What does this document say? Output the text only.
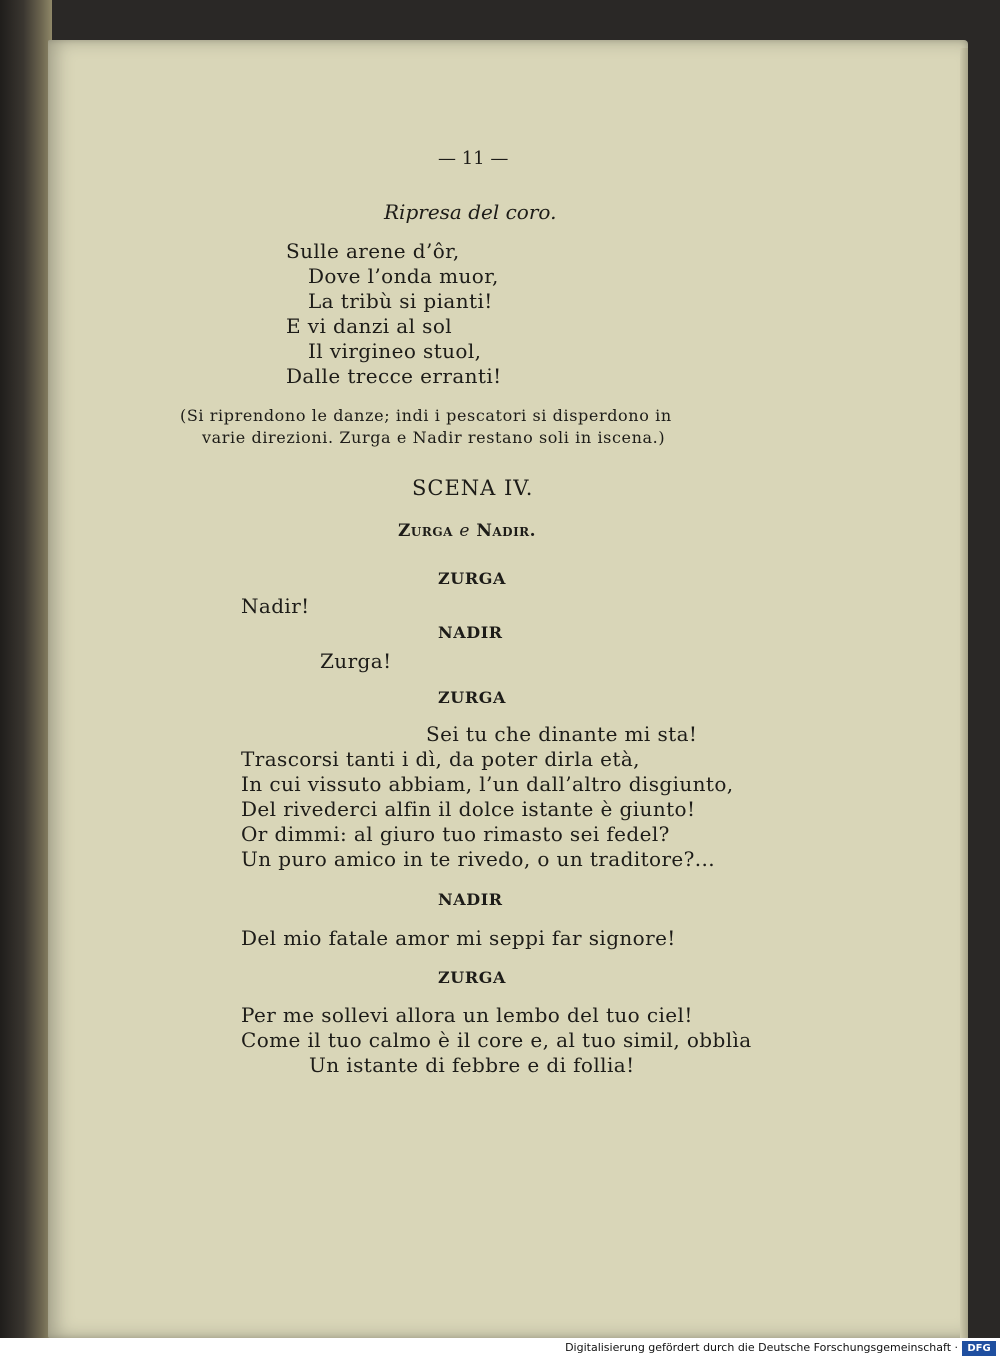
— 11 —
Ripresa del coro.
Sulle arene d’ôr,
Dove l’onda muor,
La tribù si pianti!
E vi danzi al sol
Il virgineo stuol,
Dalle trecce erranti!
(Si riprendono le danze; indi i pescatori si disperdono in
varie direzioni. Zurga e Nadir restano soli in iscena.)
SCENA IV.
Zurga e Nadir.
ZURGA
Nadir!
NADIR
Zurga!
ZURGA
Sei tu che dinante mi sta!
Trascorsi tanti i dì, da poter dirla età,
In cui vissuto abbiam, l’un dall’altro disgiunto,
Del rivederci alfin il dolce istante è giunto!
Or dimmi: al giuro tuo rimasto sei fedel?
Un puro amico in te rivedo, o un traditore?...
NADIR
Del mio fatale amor mi seppi far signore!
ZURGA
Per me sollevi allora un lembo del tuo ciel!
Come il tuo calmo è il core e, al tuo simil, obblìa
Un istante di febbre e di follia!
Digitalisierung gefördert durch die Deutsche Forschungsgemeinschaft · DFG
